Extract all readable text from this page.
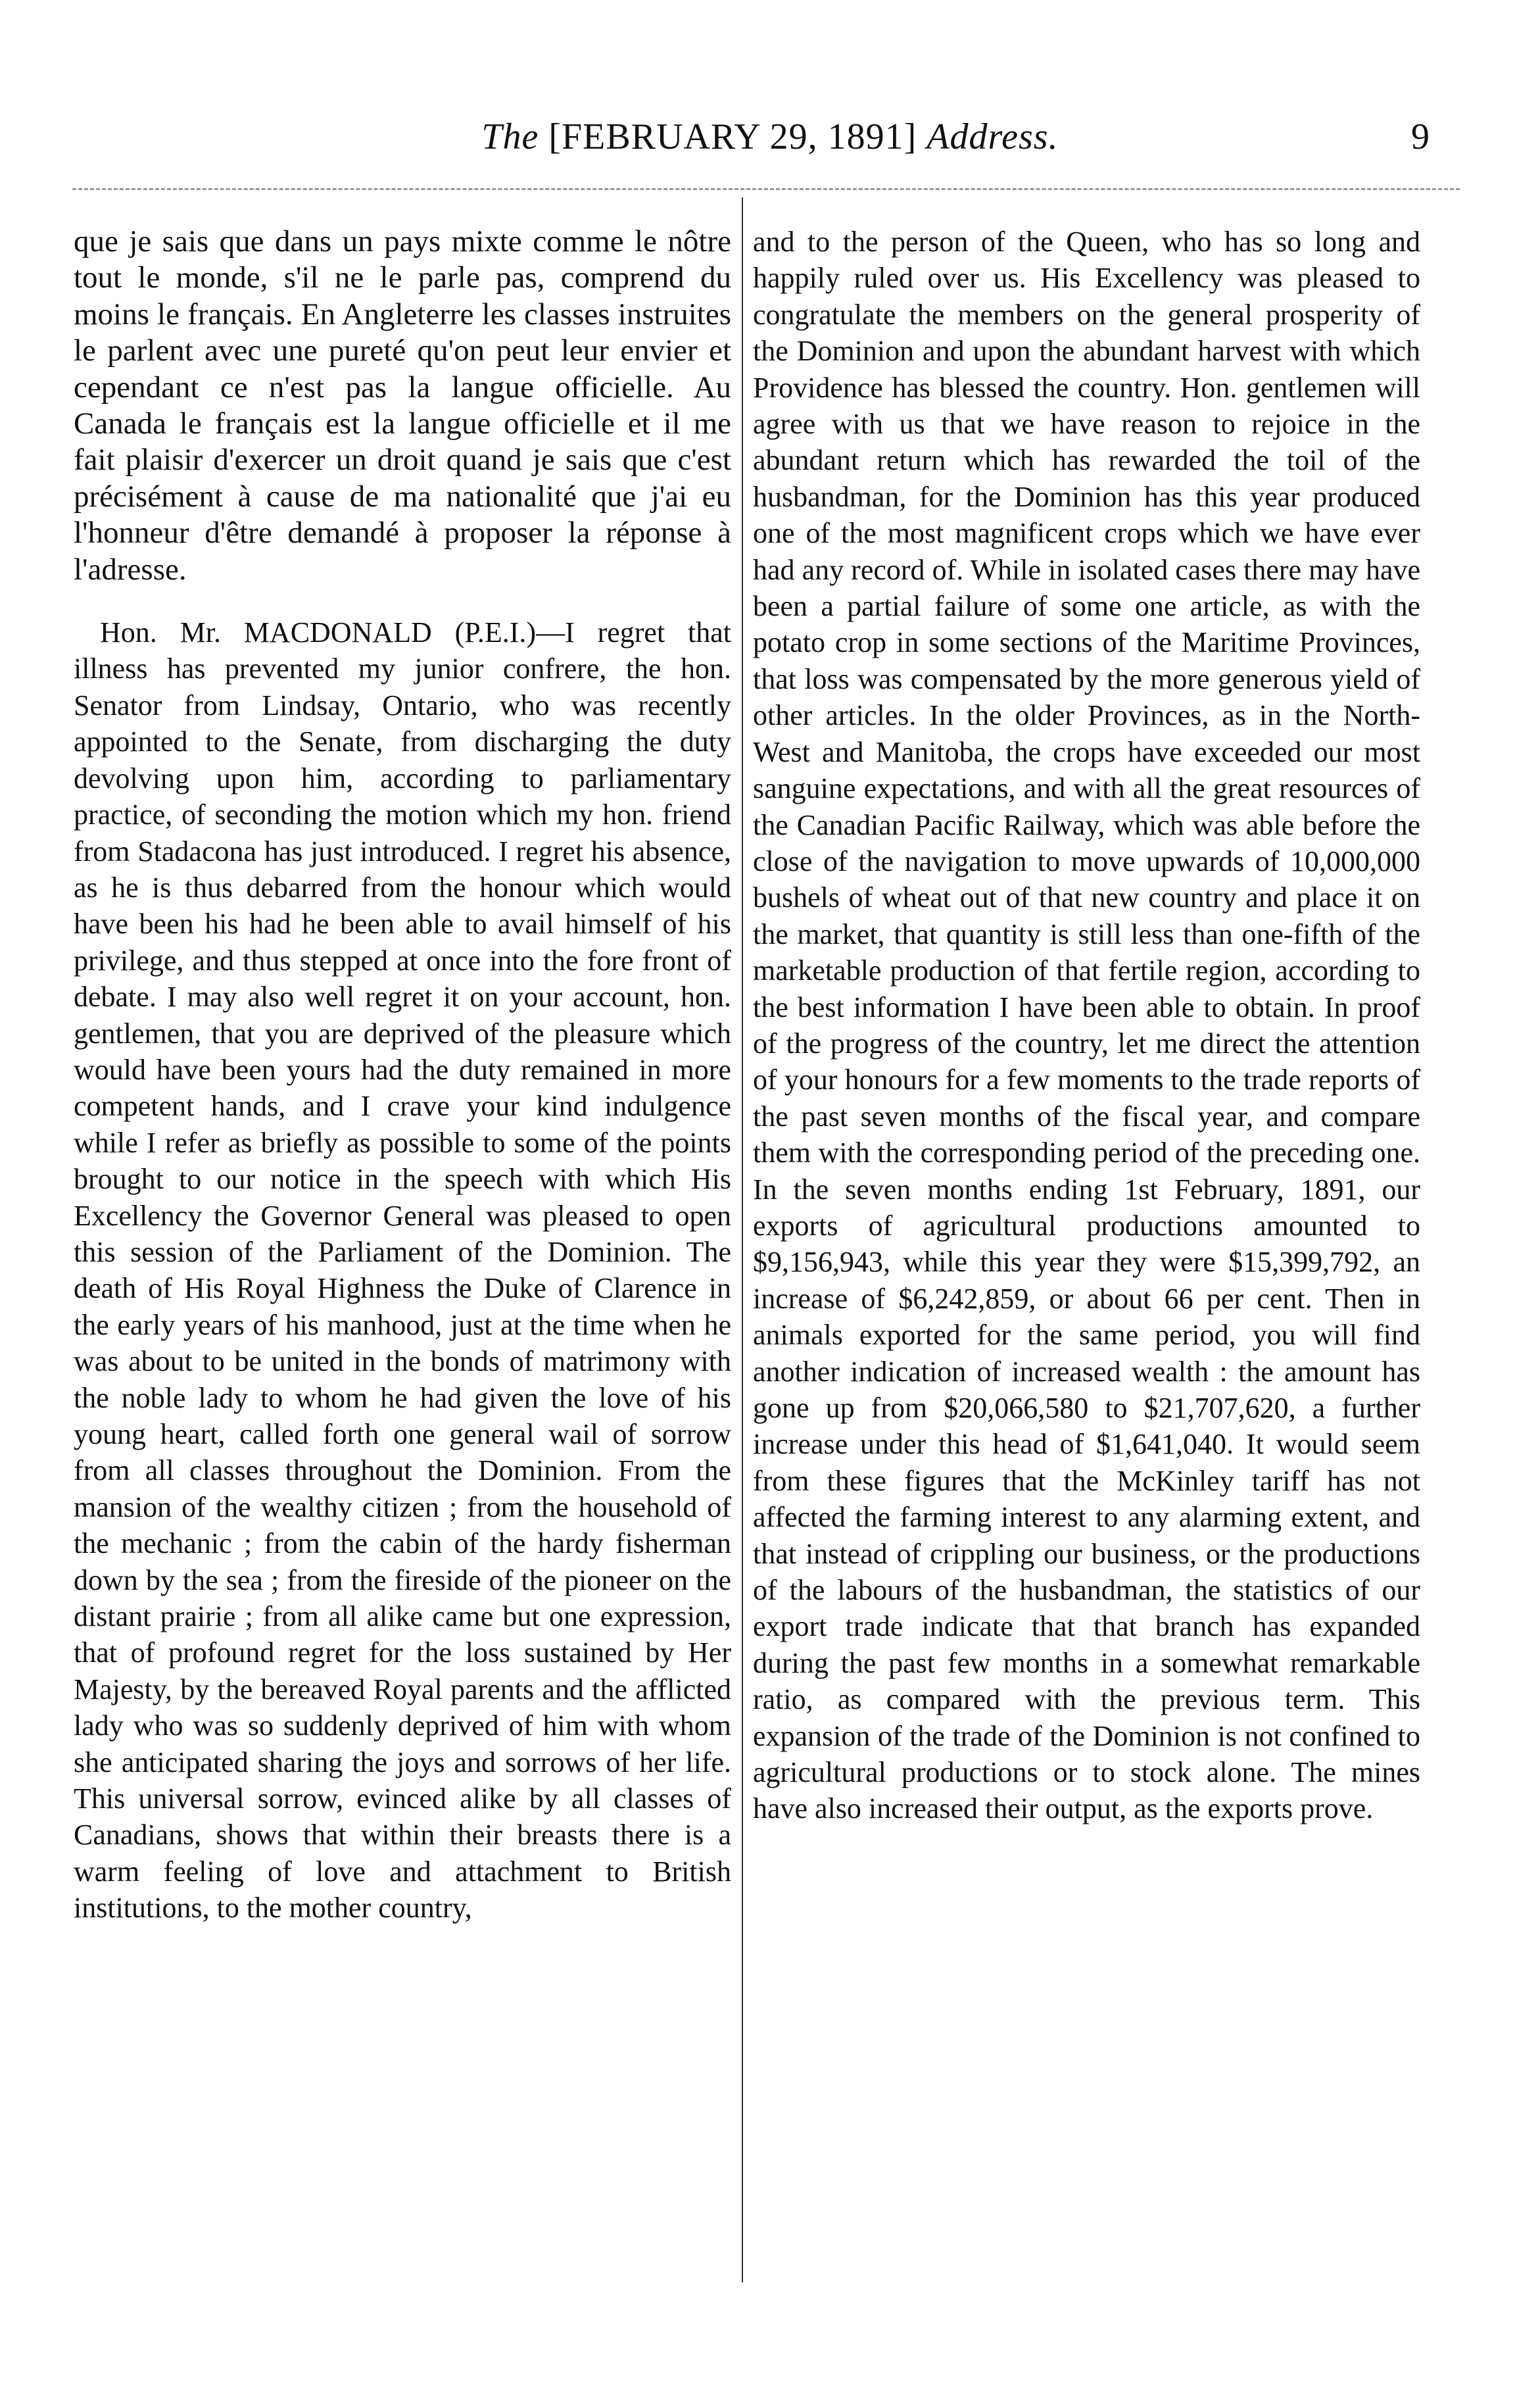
The [FEBRUARY 29, 1891] Address.	9

que je sais que dans un pays mixte comme le nôtre tout le monde, s'il ne le parle pas, comprend du moins le français. En Angleterre les classes instruites le parlent avec une pureté qu'on peut leur envier et cependant ce n'est pas la langue officielle. Au Canada le français est la langue officielle et il me fait plaisir d'exercer un droit quand je sais que c'est précisément à cause de ma nationalité que j'ai eu l'honneur d'être demandé à proposer la réponse à l'adresse.

Hon. Mr. MACDONALD (P.E.I.)—I regret that illness has prevented my junior confrere, the hon. Senator from Lindsay, Ontario, who was recently appointed to the Senate, from discharging the duty devolving upon him, according to parliamentary practice, of seconding the motion which my hon. friend from Stadacona has just introduced. I regret his absence, as he is thus debarred from the honour which would have been his had he been able to avail himself of his privilege, and thus stepped at once into the fore front of debate. I may also well regret it on your account, hon. gentlemen, that you are deprived of the pleasure which would have been yours had the duty remained in more competent hands, and I crave your kind indulgence while I refer as briefly as possible to some of the points brought to our notice in the speech with which His Excellency the Governor General was pleased to open this session of the Parliament of the Dominion. The death of His Royal Highness the Duke of Clarence in the early years of his manhood, just at the time when he was about to be united in the bonds of matrimony with the noble lady to whom he had given the love of his young heart, called forth one general wail of sorrow from all classes throughout the Dominion. From the mansion of the wealthy citizen ; from the household of the mechanic ; from the cabin of the hardy fisherman down by the sea ; from the fireside of the pioneer on the distant prairie ; from all alike came but one expression, that of profound regret for the loss sustained by Her Majesty, by the bereaved Royal parents and the afflicted lady who was so suddenly deprived of him with whom she anticipated sharing the joys and sorrows of her life. This universal sorrow, evinced alike by all classes of Canadians, shows that within their breasts there is a warm feeling of love and attachment to British institutions, to the mother country,

and to the person of the Queen, who has so long and happily ruled over us. His Excellency was pleased to congratulate the members on the general prosperity of the Dominion and upon the abundant harvest with which Providence has blessed the country. Hon. gentlemen will agree with us that we have reason to rejoice in the abundant return which has rewarded the toil of the husbandman, for the Dominion has this year produced one of the most magnificent crops which we have ever had any record of. While in isolated cases there may have been a partial failure of some one article, as with the potato crop in some sections of the Maritime Provinces, that loss was compensated by the more generous yield of other articles. In the older Provinces, as in the North-West and Manitoba, the crops have exceeded our most sanguine expectations, and with all the great resources of the Canadian Pacific Railway, which was able before the close of the navigation to move upwards of 10,000,000 bushels of wheat out of that new country and place it on the market, that quantity is still less than one-fifth of the marketable production of that fertile region, according to the best information I have been able to obtain. In proof of the progress of the country, let me direct the attention of your honours for a few moments to the trade reports of the past seven months of the fiscal year, and compare them with the corresponding period of the preceding one. In the seven months ending 1st February, 1891, our exports of agricultural productions amounted to $9,156,943, while this year they were $15,399,792, an increase of $6,242,859, or about 66 per cent. Then in animals exported for the same period, you will find another indication of increased wealth : the amount has gone up from $20,066,580 to $21,707,620, a further increase under this head of $1,641,040. It would seem from these figures that the McKinley tariff has not affected the farming interest to any alarming extent, and that instead of crippling our business, or the productions of the labours of the husbandman, the statistics of our export trade indicate that that branch has expanded during the past few months in a somewhat remarkable ratio, as compared with the previous term. This expansion of the trade of the Dominion is not confined to agricultural productions or to stock alone. The mines have also increased their output, as the exports prove.
